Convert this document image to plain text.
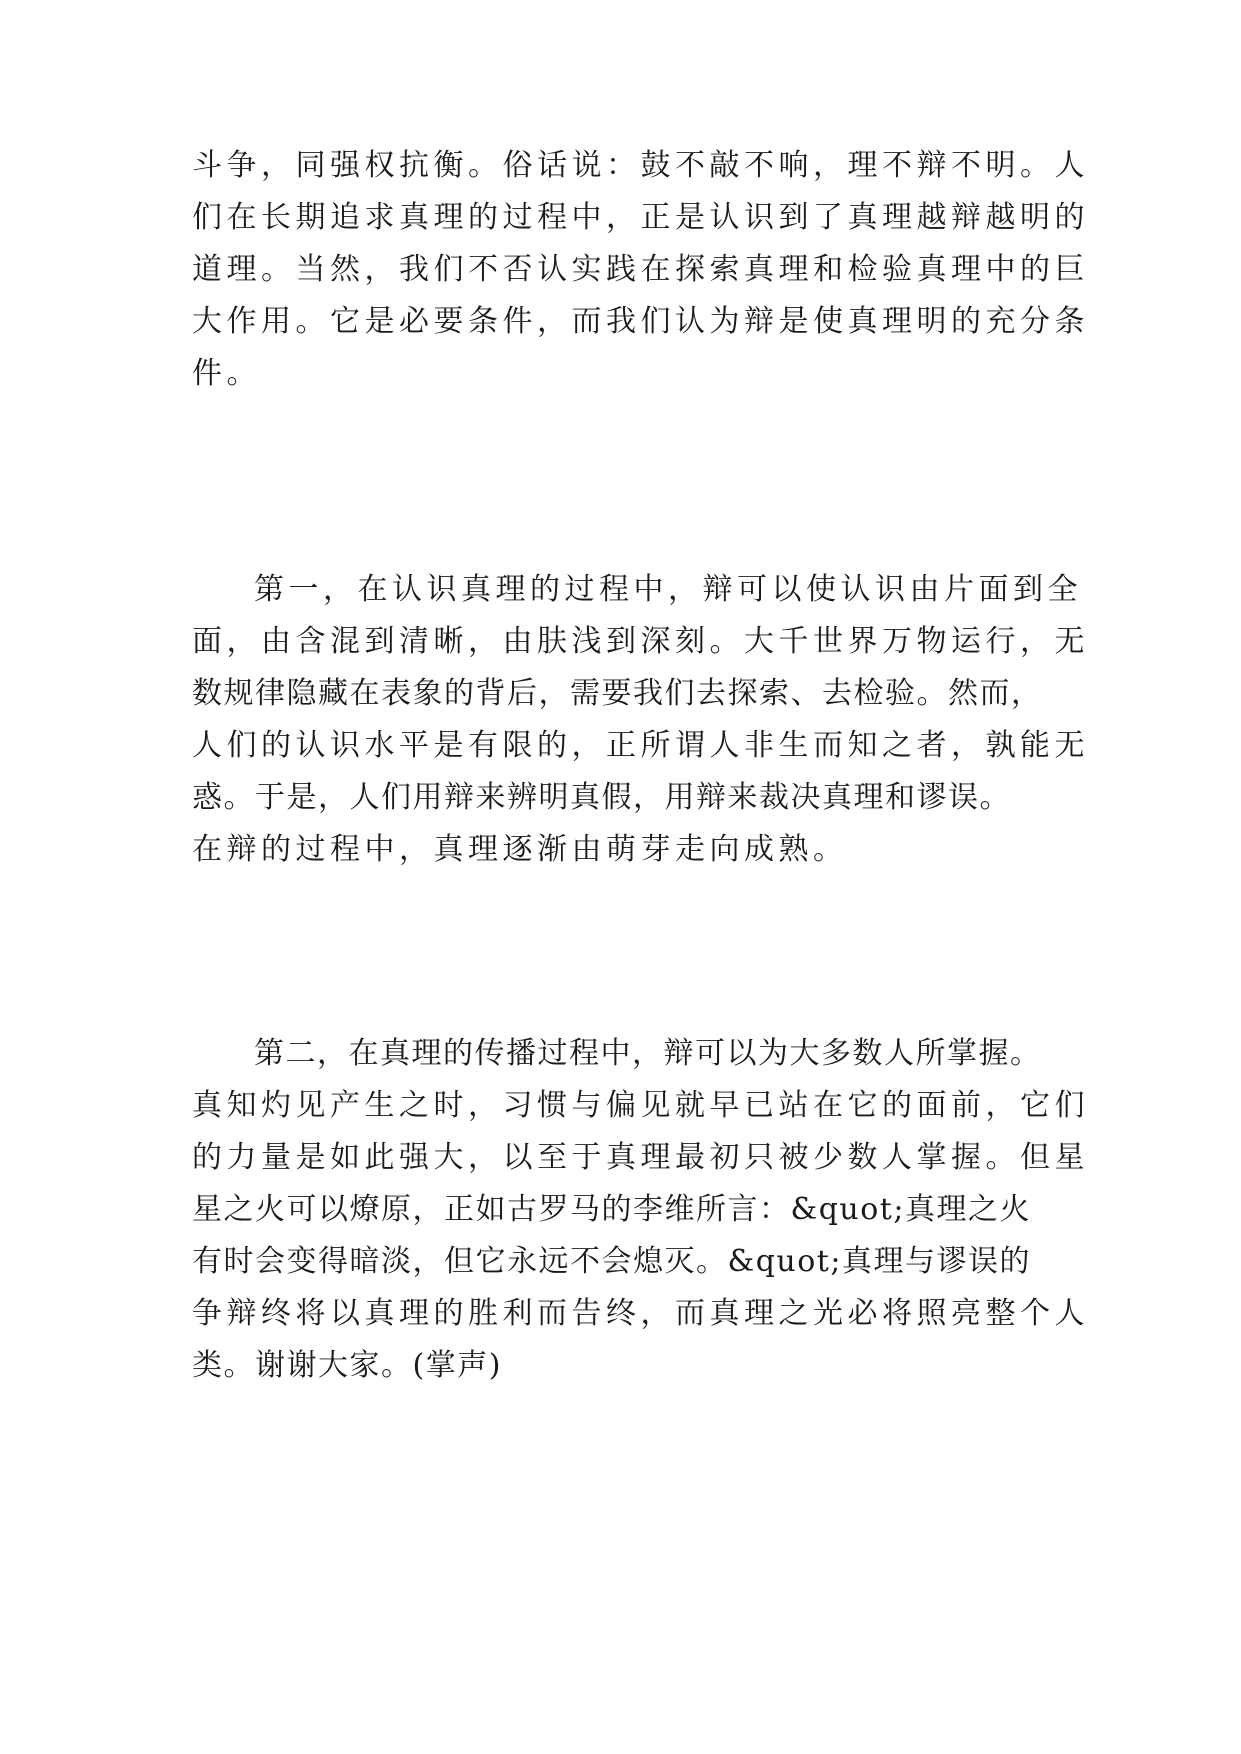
斗争，同强权抗衡。俗话说：鼓不敲不响，理不辩不明。人
们在长期追求真理的过程中，正是认识到了真理越辩越明的
道理。当然，我们不否认实践在探索真理和检验真理中的巨
大作用。它是必要条件，而我们认为辩是使真理明的充分条
件。
第一，在认识真理的过程中，辩可以使认识由片面到全
面，由含混到清晰，由肤浅到深刻。大千世界万物运行，无
数规律隐藏在表象的背后，需要我们去探索、去检验。然而，
人们的认识水平是有限的，正所谓人非生而知之者，孰能无
惑。于是，人们用辩来辨明真假，用辩来裁决真理和谬误。
在辩的过程中，真理逐渐由萌芽走向成熟。
第二，在真理的传播过程中，辩可以为大多数人所掌握。
真知灼见产生之时，习惯与偏见就早已站在它的面前，它们
的力量是如此强大，以至于真理最初只被少数人掌握。但星
星之火可以燎原，正如古罗马的李维所言：&quot;真理之火
有时会变得暗淡，但它永远不会熄灭。&quot;真理与谬误的
争辩终将以真理的胜利而告终，而真理之光必将照亮整个人
类。谢谢大家。(掌声)
